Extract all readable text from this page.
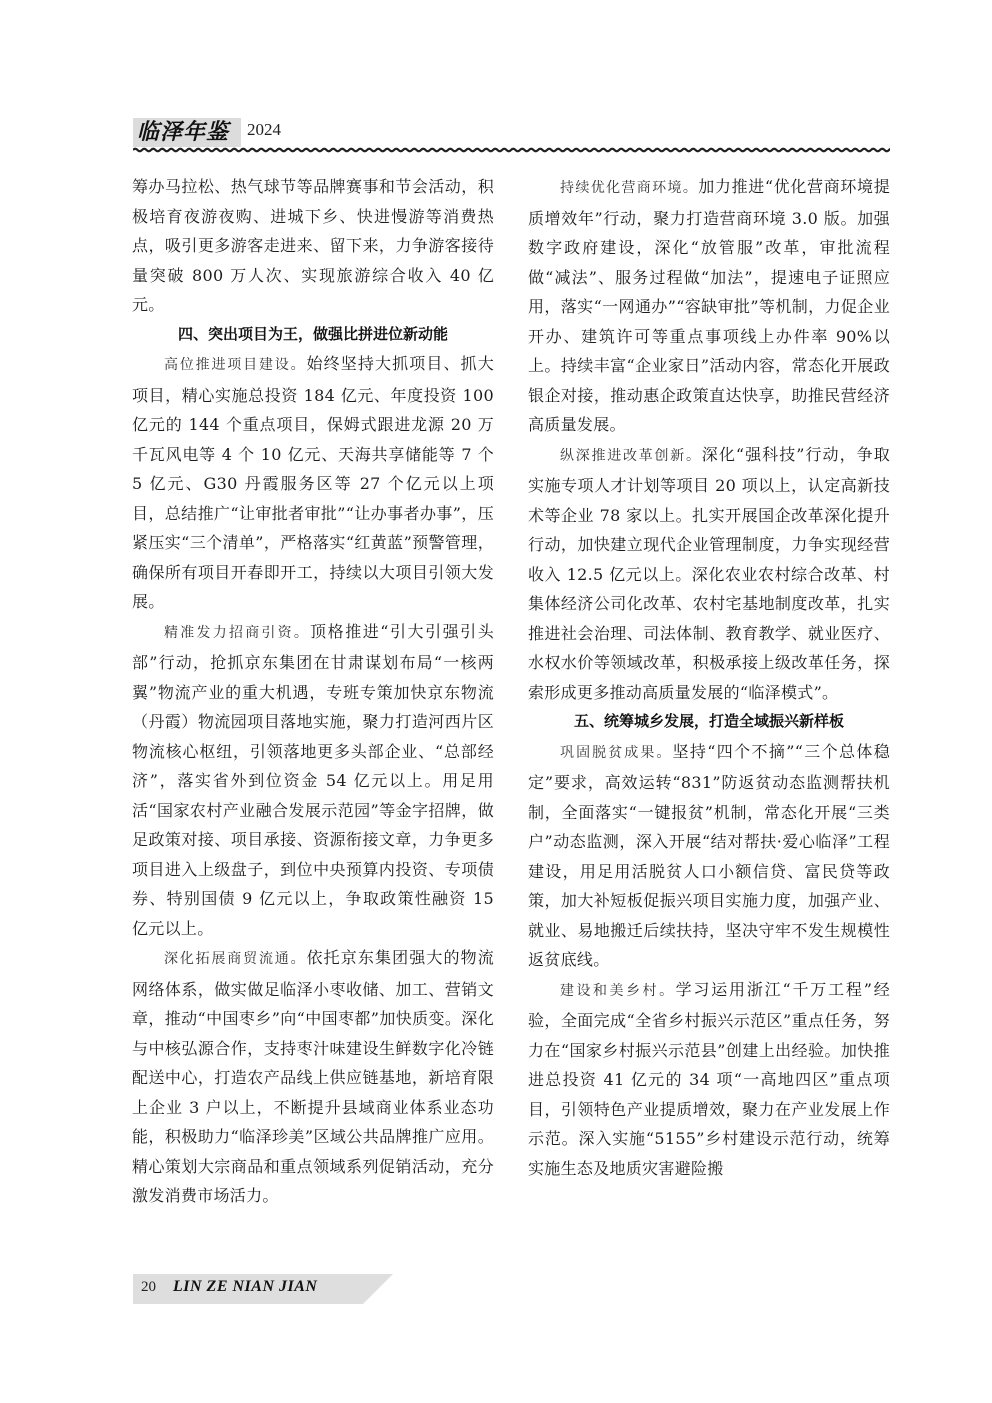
临泽年鉴	2024

筹办马拉松、热气球节等品牌赛事和节会活动，积极培育夜游夜购、进城下乡、快进慢游等消费热点，吸引更多游客走进来、留下来，力争游客接待量突破 800 万人次、实现旅游综合收入 40 亿元。

四、突出项目为王，做强比拼进位新动能

高位推进项目建设。始终坚持大抓项目、抓大项目，精心实施总投资 184 亿元、年度投资 100 亿元的 144 个重点项目，保姆式跟进龙源 20 万千瓦风电等 4 个 10 亿元、天海共享储能等 7 个 5 亿元、G30 丹霞服务区等 27 个亿元以上项目，总结推广“让审批者审批”“让办事者办事”，压紧压实“三个清单”，严格落实“红黄蓝”预警管理，确保所有项目开春即开工，持续以大项目引领大发展。

精准发力招商引资。顶格推进“引大引强引头部”行动，抢抓京东集团在甘肃谋划布局“一核两翼”物流产业的重大机遇，专班专策加快京东物流（丹霞）物流园项目落地实施，聚力打造河西片区物流核心枢纽，引领落地更多头部企业、“总部经济”，落实省外到位资金 54 亿元以上。用足用活“国家农村产业融合发展示范园”等金字招牌，做足政策对接、项目承接、资源衔接文章，力争更多项目进入上级盘子，到位中央预算内投资、专项债券、特别国债 9 亿元以上，争取政策性融资 15 亿元以上。

深化拓展商贸流通。依托京东集团强大的物流网络体系，做实做足临泽小枣收储、加工、营销文章，推动“中国枣乡”向“中国枣都”加快质变。深化与中核弘源合作，支持枣汁味建设生鲜数字化冷链配送中心，打造农产品线上供应链基地，新培育限上企业 3 户以上，不断提升县域商业体系业态功能，积极助力“临泽珍美”区域公共品牌推广应用。精心策划大宗商品和重点领域系列促销活动，充分激发消费市场活力。

持续优化营商环境。加力推进“优化营商环境提质增效年”行动，聚力打造营商环境 3.0 版。加强数字政府建设，深化“放管服”改革，审批流程做“减法”、服务过程做“加法”，提速电子证照应用，落实“一网通办”“容缺审批”等机制，力促企业开办、建筑许可等重点事项线上办件率 90%以上。持续丰富“企业家日”活动内容，常态化开展政银企对接，推动惠企政策直达快享，助推民营经济高质量发展。

纵深推进改革创新。深化“强科技”行动，争取实施专项人才计划等项目 20 项以上，认定高新技术等企业 78 家以上。扎实开展国企改革深化提升行动，加快建立现代企业管理制度，力争实现经营收入 12.5 亿元以上。深化农业农村综合改革、村集体经济公司化改革、农村宅基地制度改革，扎实推进社会治理、司法体制、教育教学、就业医疗、水权水价等领域改革，积极承接上级改革任务，探索形成更多推动高质量发展的“临泽模式”。

五、统筹城乡发展，打造全域振兴新样板

巩固脱贫成果。坚持“四个不摘”“三个总体稳定”要求，高效运转“831”防返贫动态监测帮扶机制，全面落实“一键报贫”机制，常态化开展“三类户”动态监测，深入开展“结对帮扶·爱心临泽”工程建设，用足用活脱贫人口小额信贷、富民贷等政策，加大补短板促振兴项目实施力度，加强产业、就业、易地搬迁后续扶持，坚决守牢不发生规模性返贫底线。

建设和美乡村。学习运用浙江“千万工程”经验，全面完成“全省乡村振兴示范区”重点任务，努力在“国家乡村振兴示范县”创建上出经验。加快推进总投资 41 亿元的 34 项“一高地四区”重点项目，引领特色产业提质增效，聚力在产业发展上作示范。深入实施“5155”乡村建设示范行动，统筹实施生态及地质灾害避险搬

20 LIN ZE NIAN JIAN
